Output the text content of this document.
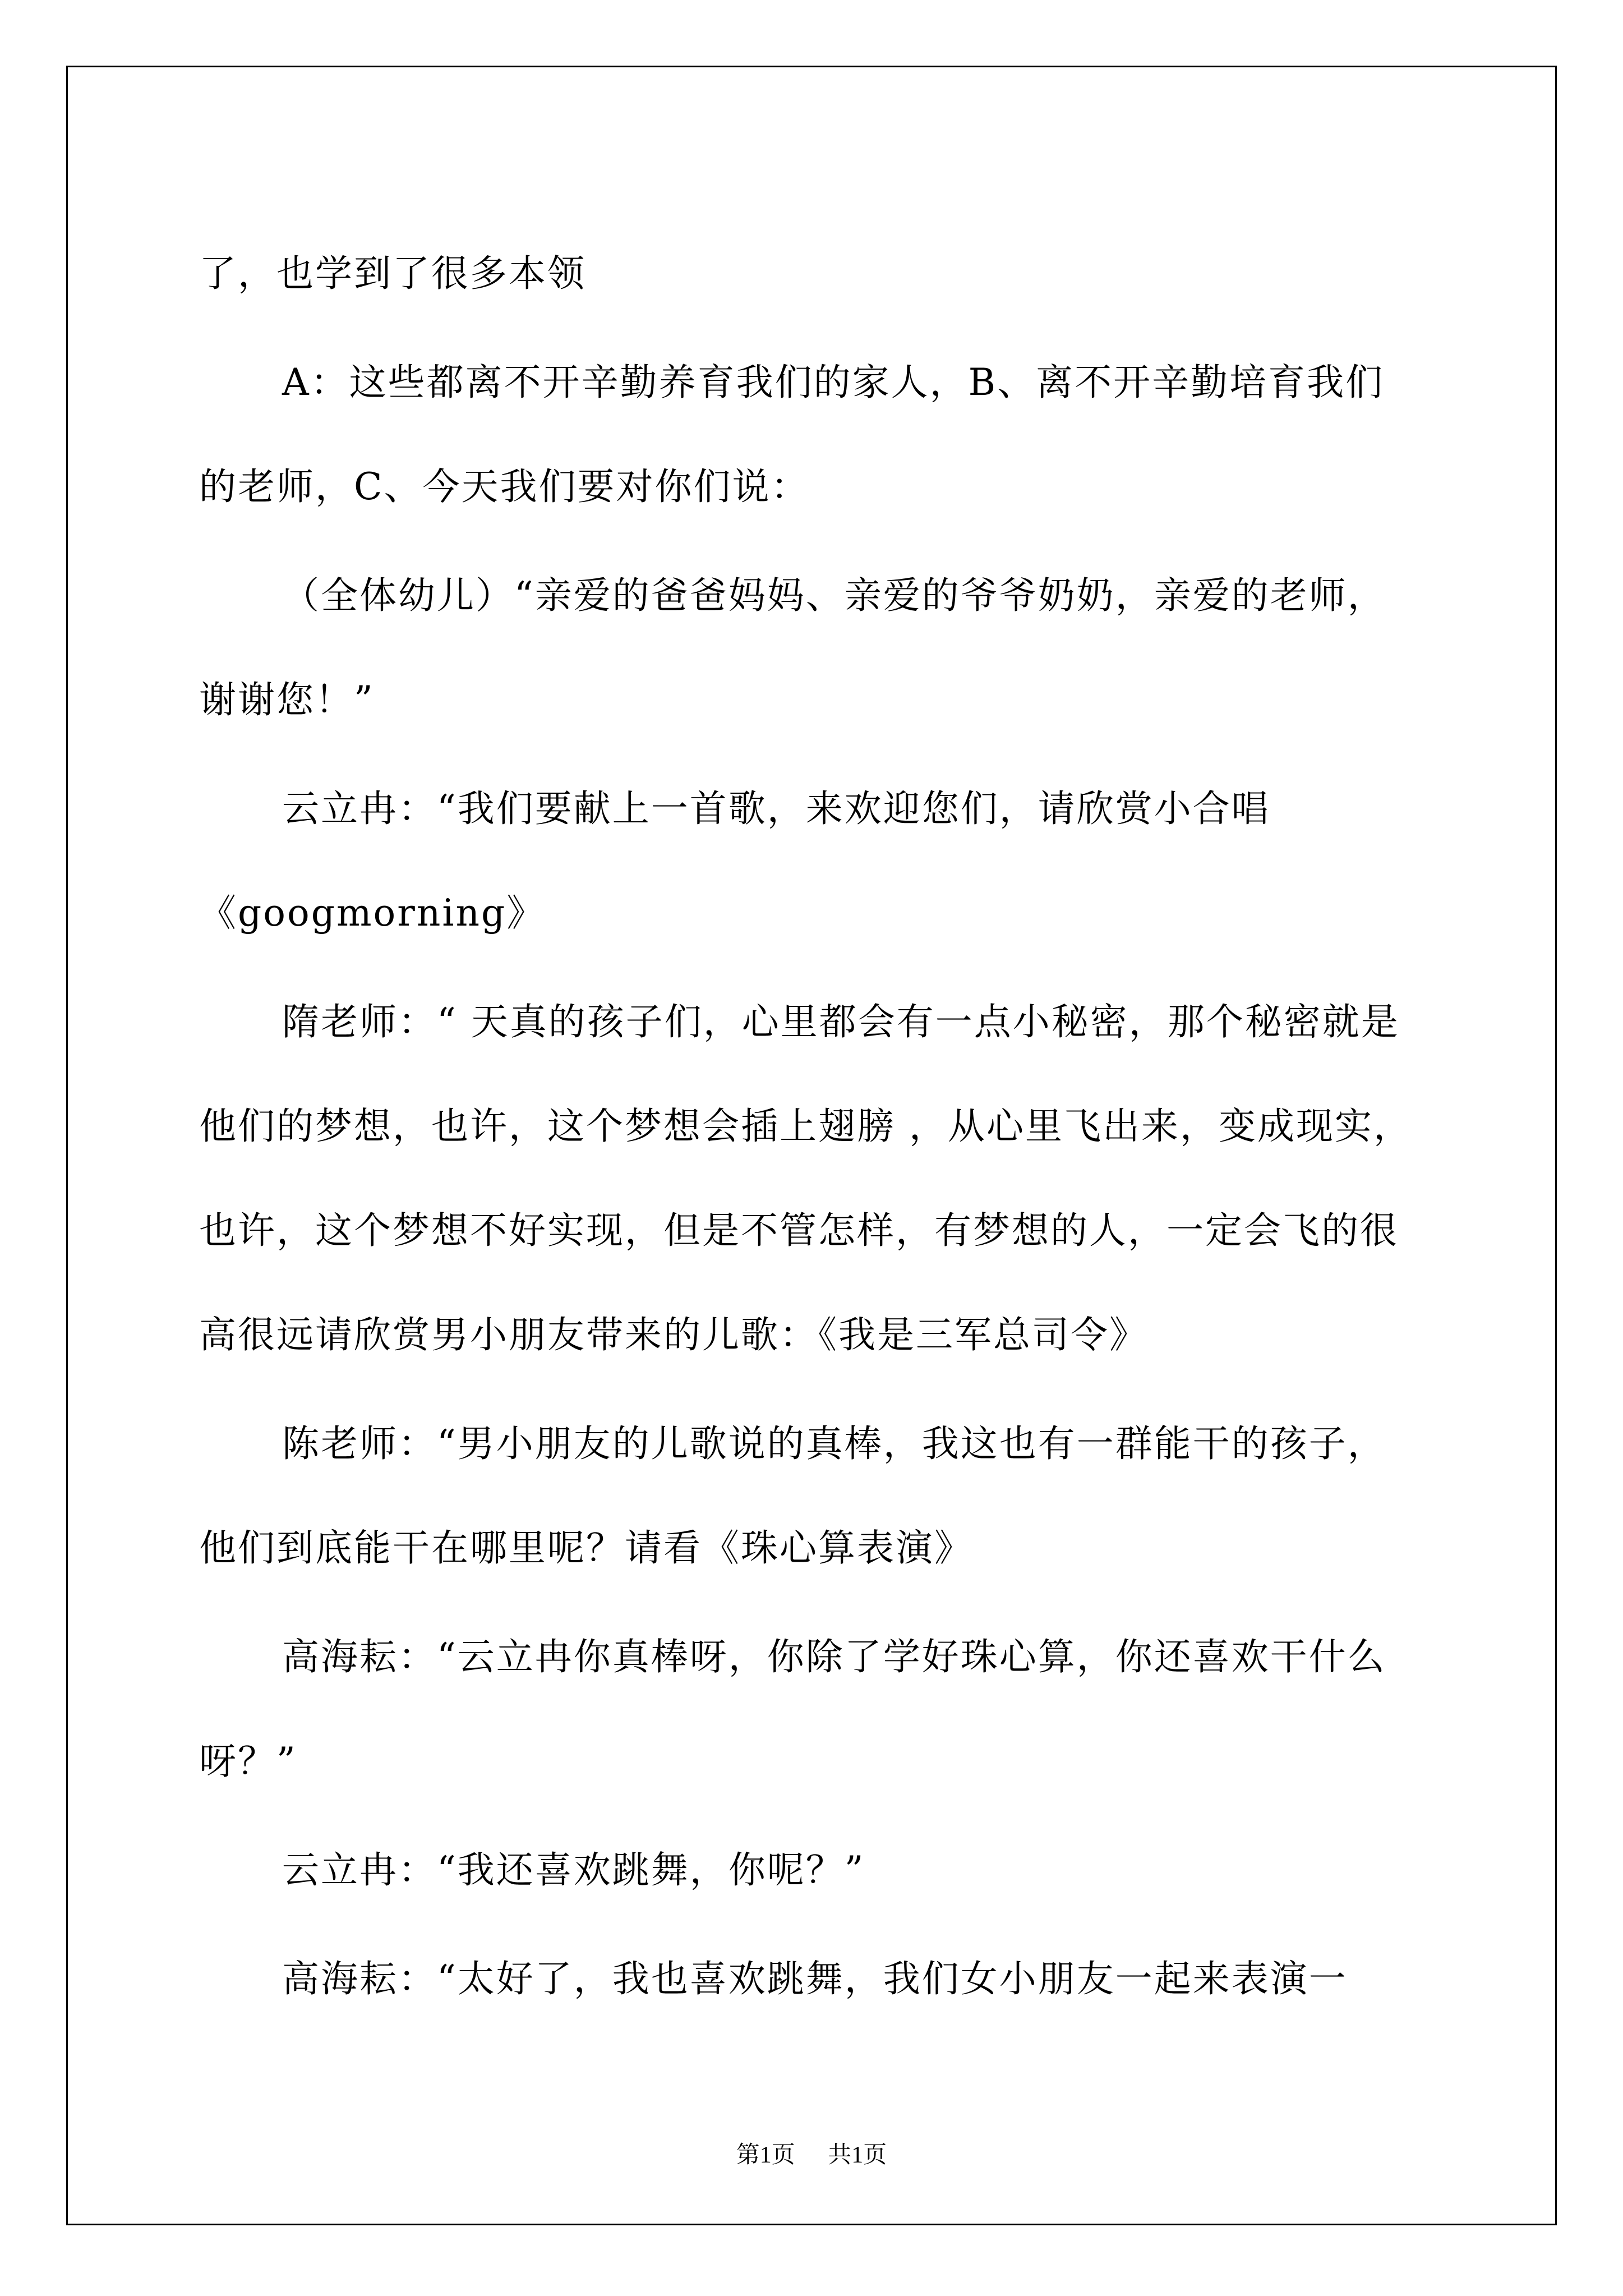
了，也学到了很多本领

A：这些都离不开辛勤养育我们的家人，B、离不开辛勤培育我们的老师，C、今天我们要对你们说：

（全体幼儿）“亲爱的爸爸妈妈、亲爱的爷爷奶奶，亲爱的老师，谢谢您！”

云立冉：“我们要献上一首歌，来欢迎您们，请欣赏小合唱《googmorning》

隋老师：“ 天真的孩子们，心里都会有一点小秘密，那个秘密就是他们的梦想，也许，这个梦想会插上翅膀 ，从心里飞出来，变成现实，也许，这个梦想不好实现，但是不管怎样，有梦想的人，一定会飞的很高很远请欣赏男小朋友带来的儿歌：《我是三军总司令》

陈老师：“男小朋友的儿歌说的真棒，我这也有一群能干的孩子，他们到底能干在哪里呢？请看《珠心算表演》

高海耘：“云立冉你真棒呀，你除了学好珠心算，你还喜欢干什么呀？”

云立冉：“我还喜欢跳舞，你呢？”

高海耘：“太好了，我也喜欢跳舞，我们女小朋友一起来表演一

第1页 共1页
